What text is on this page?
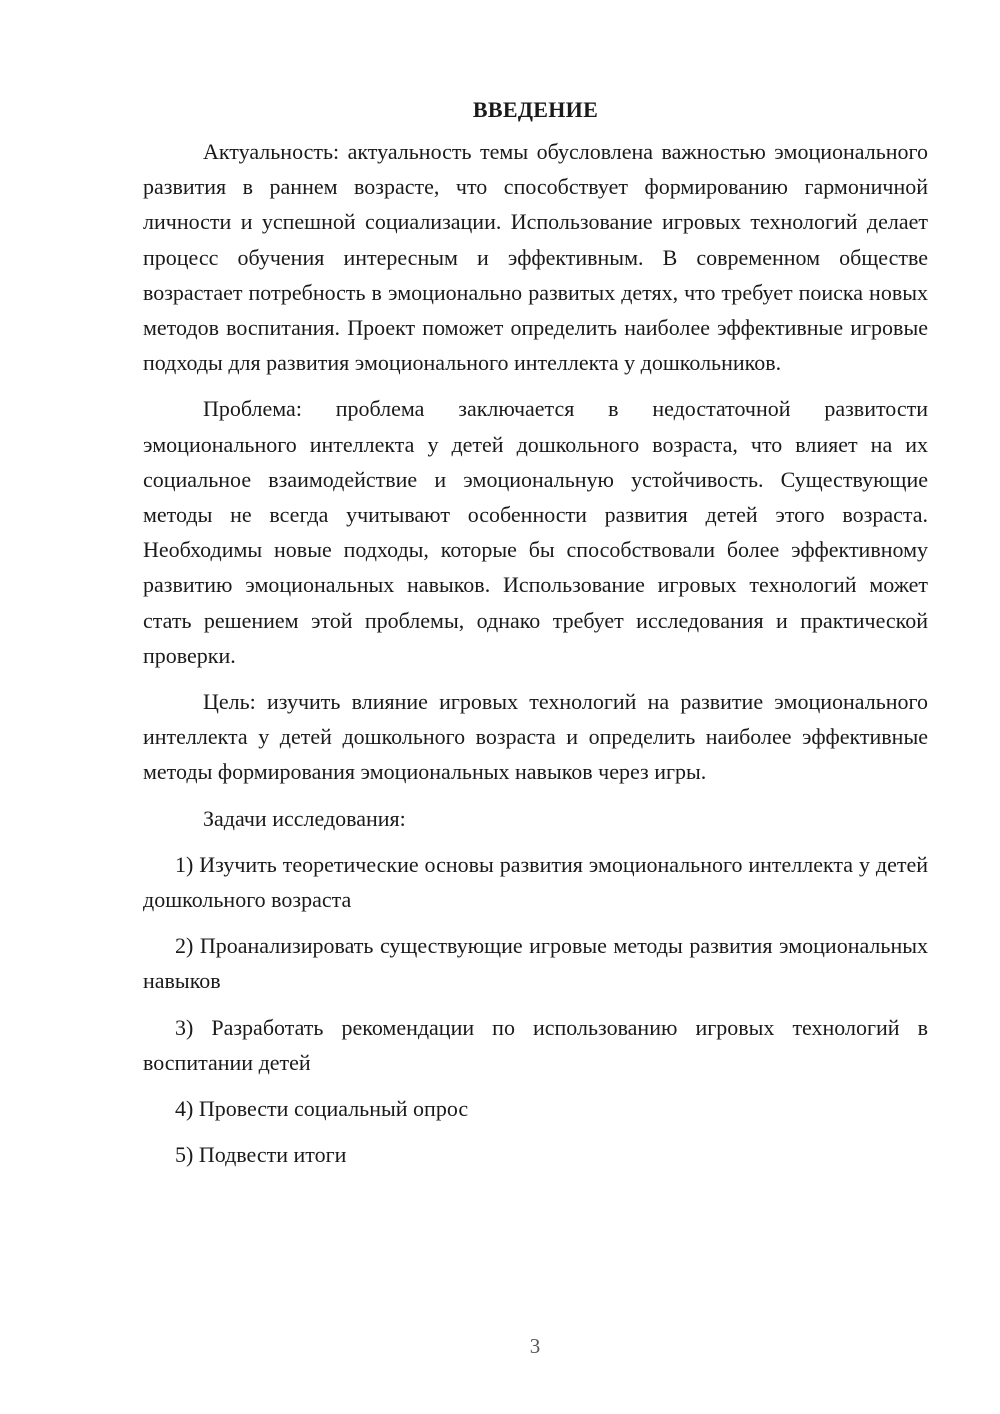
ВВЕДЕНИЕ

Актуальность: актуальность темы обусловлена важностью эмоционального развития в раннем возрасте, что способствует формированию гармоничной личности и успешной социализации. Использование игровых технологий делает процесс обучения интересным и эффективным. В современном обществе возрастает потребность в эмоционально развитых детях, что требует поиска новых методов воспитания. Проект поможет определить наиболее эффективные игровые подходы для развития эмоционального интеллекта у дошкольников.

Проблема: проблема заключается в недостаточной развитости эмоционального интеллекта у детей дошкольного возраста, что влияет на их социальное взаимодействие и эмоциональную устойчивость. Существующие методы не всегда учитывают особенности развития детей этого возраста. Необходимы новые подходы, которые бы способствовали более эффективному развитию эмоциональных навыков. Использование игровых технологий может стать решением этой проблемы, однако требует исследования и практической проверки.

Цель: изучить влияние игровых технологий на развитие эмоционального интеллекта у детей дошкольного возраста и определить наиболее эффективные методы формирования эмоциональных навыков через игры.

Задачи исследования:

1) Изучить теоретические основы развития эмоционального интеллекта у детей дошкольного возраста

2) Проанализировать существующие игровые методы развития эмоциональных навыков

3) Разработать рекомендации по использованию игровых технологий в воспитании детей

4) Провести социальный опрос

5) Подвести итоги

3
